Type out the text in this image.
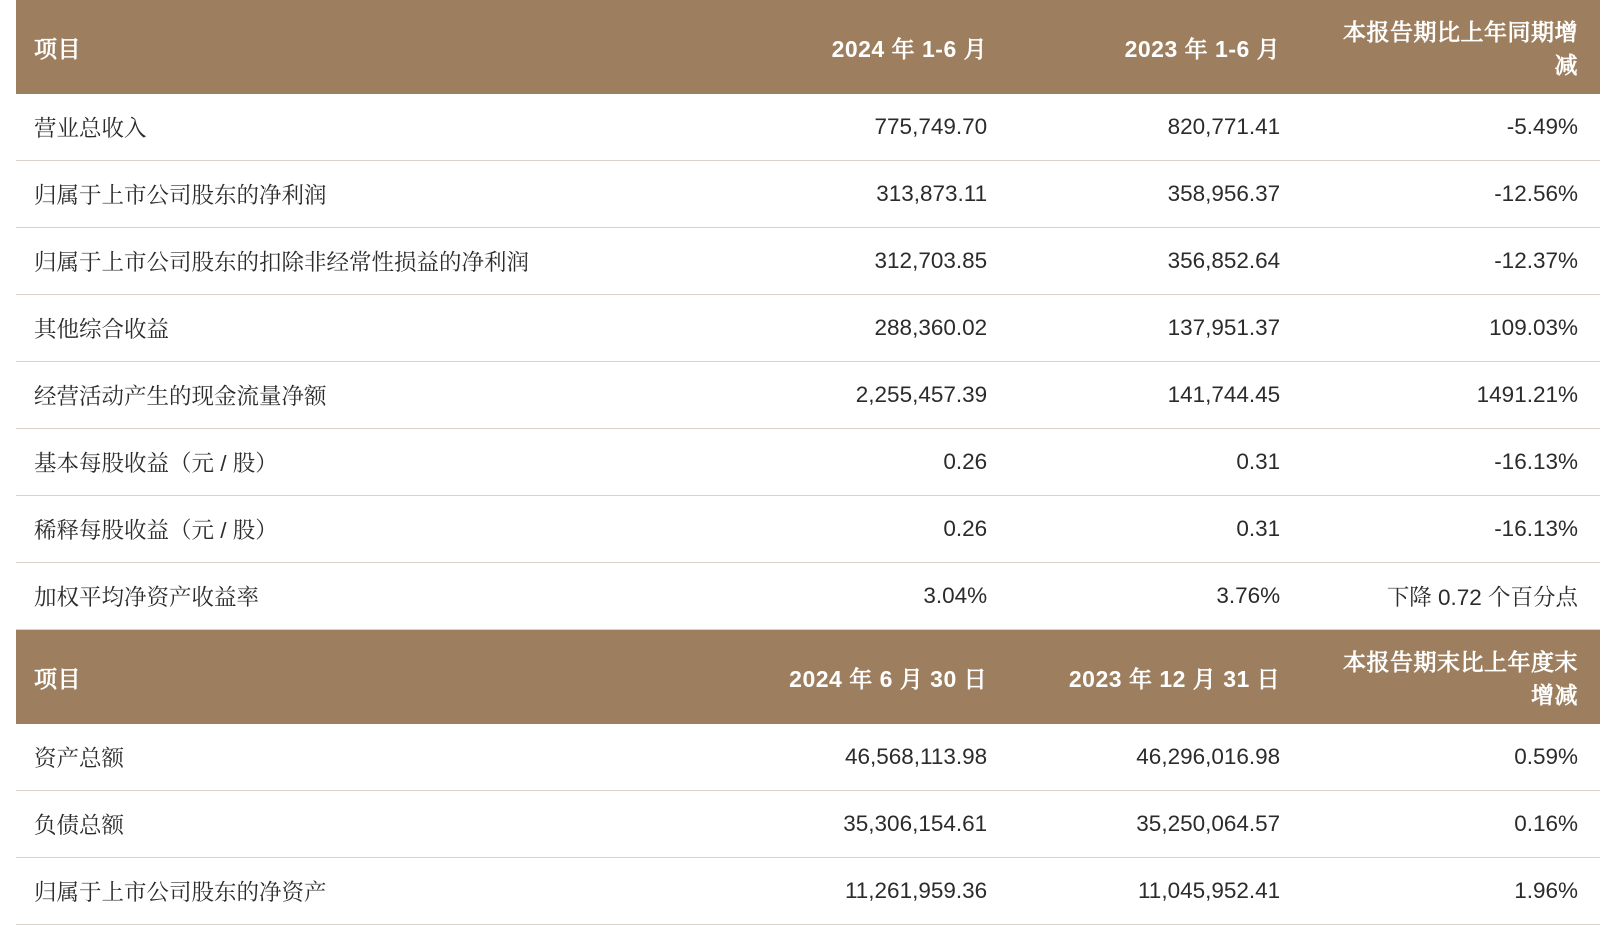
项目	2024 年 1-6 月	2023 年 1-6 月	本报告期比上年同期增减
营业总收入	775,749.70	820,771.41	-5.49%
归属于上市公司股东的净利润	313,873.11	358,956.37	-12.56%
归属于上市公司股东的扣除非经常性损益的净利润	312,703.85	356,852.64	-12.37%
其他综合收益	288,360.02	137,951.37	109.03%
经营活动产生的现金流量净额	2,255,457.39	141,744.45	1491.21%
基本每股收益（元 / 股）	0.26	0.31	-16.13%
稀释每股收益（元 / 股）	0.26	0.31	-16.13%
加权平均净资产收益率	3.04%	3.76%	下降 0.72 个百分点
项目	2024 年 6 月 30 日	2023 年 12 月 31 日	本报告期末比上年度末增减
资产总额	46,568,113.98	46,296,016.98	0.59%
负债总额	35,306,154.61	35,250,064.57	0.16%
归属于上市公司股东的净资产	11,261,959.36	11,045,952.41	1.96%
